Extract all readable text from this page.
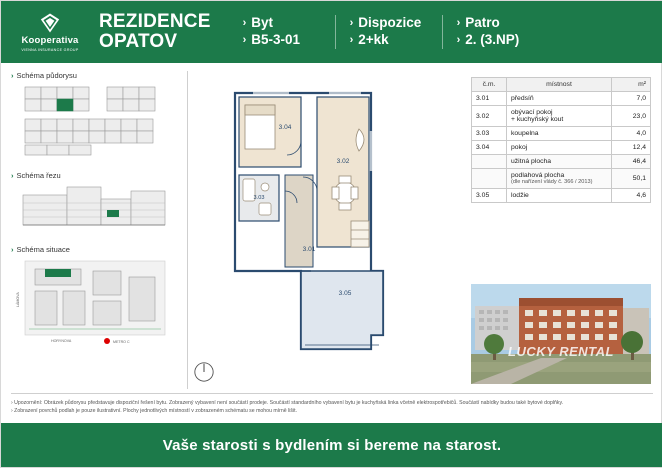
Kooperativa
VIENNA INSURANCE GROUP
REZIDENCE
OPATOV
› Byt
› B5-3-01
› Dispozice
› 2+kk
› Patro
› 2. (3.NP)
› Schéma půdorysu
› Schéma řezu
› Schéma situace
LÁMOVA
HORYNOVA	METRO C
3.04
3.02
3.03
3.01
3.05
č.m.	místnost	m²
3.01	předsíň	7,0
3.02	obývací pokoj
+ kuchyňský kout	23,0
3.03	koupelna	4,0
3.04	pokoj	12,4
	užitná plocha	46,4
	podlahová plocha
(dle nařízení vlády č. 366 / 2013)	50,1
3.05	lodžie	4,6
LUCKY RENTAL
› Upozornění: Obrázek půdorysu představuje dispoziční řešení bytu. Zobrazený vybavení není součástí prodeje. Součástí standardního vybavení bytu je kuchyňská linka včetně elektrospotřebičů. Součástí nabídky budou také bytové doplňky.
› Zobrazení povrchů podlah je pouze ilustrativní. Plochy jednotlivých místností v zobrazeném schématu se mohou mírně lišit.
Vaše starosti s bydlením si bereme na starost.
